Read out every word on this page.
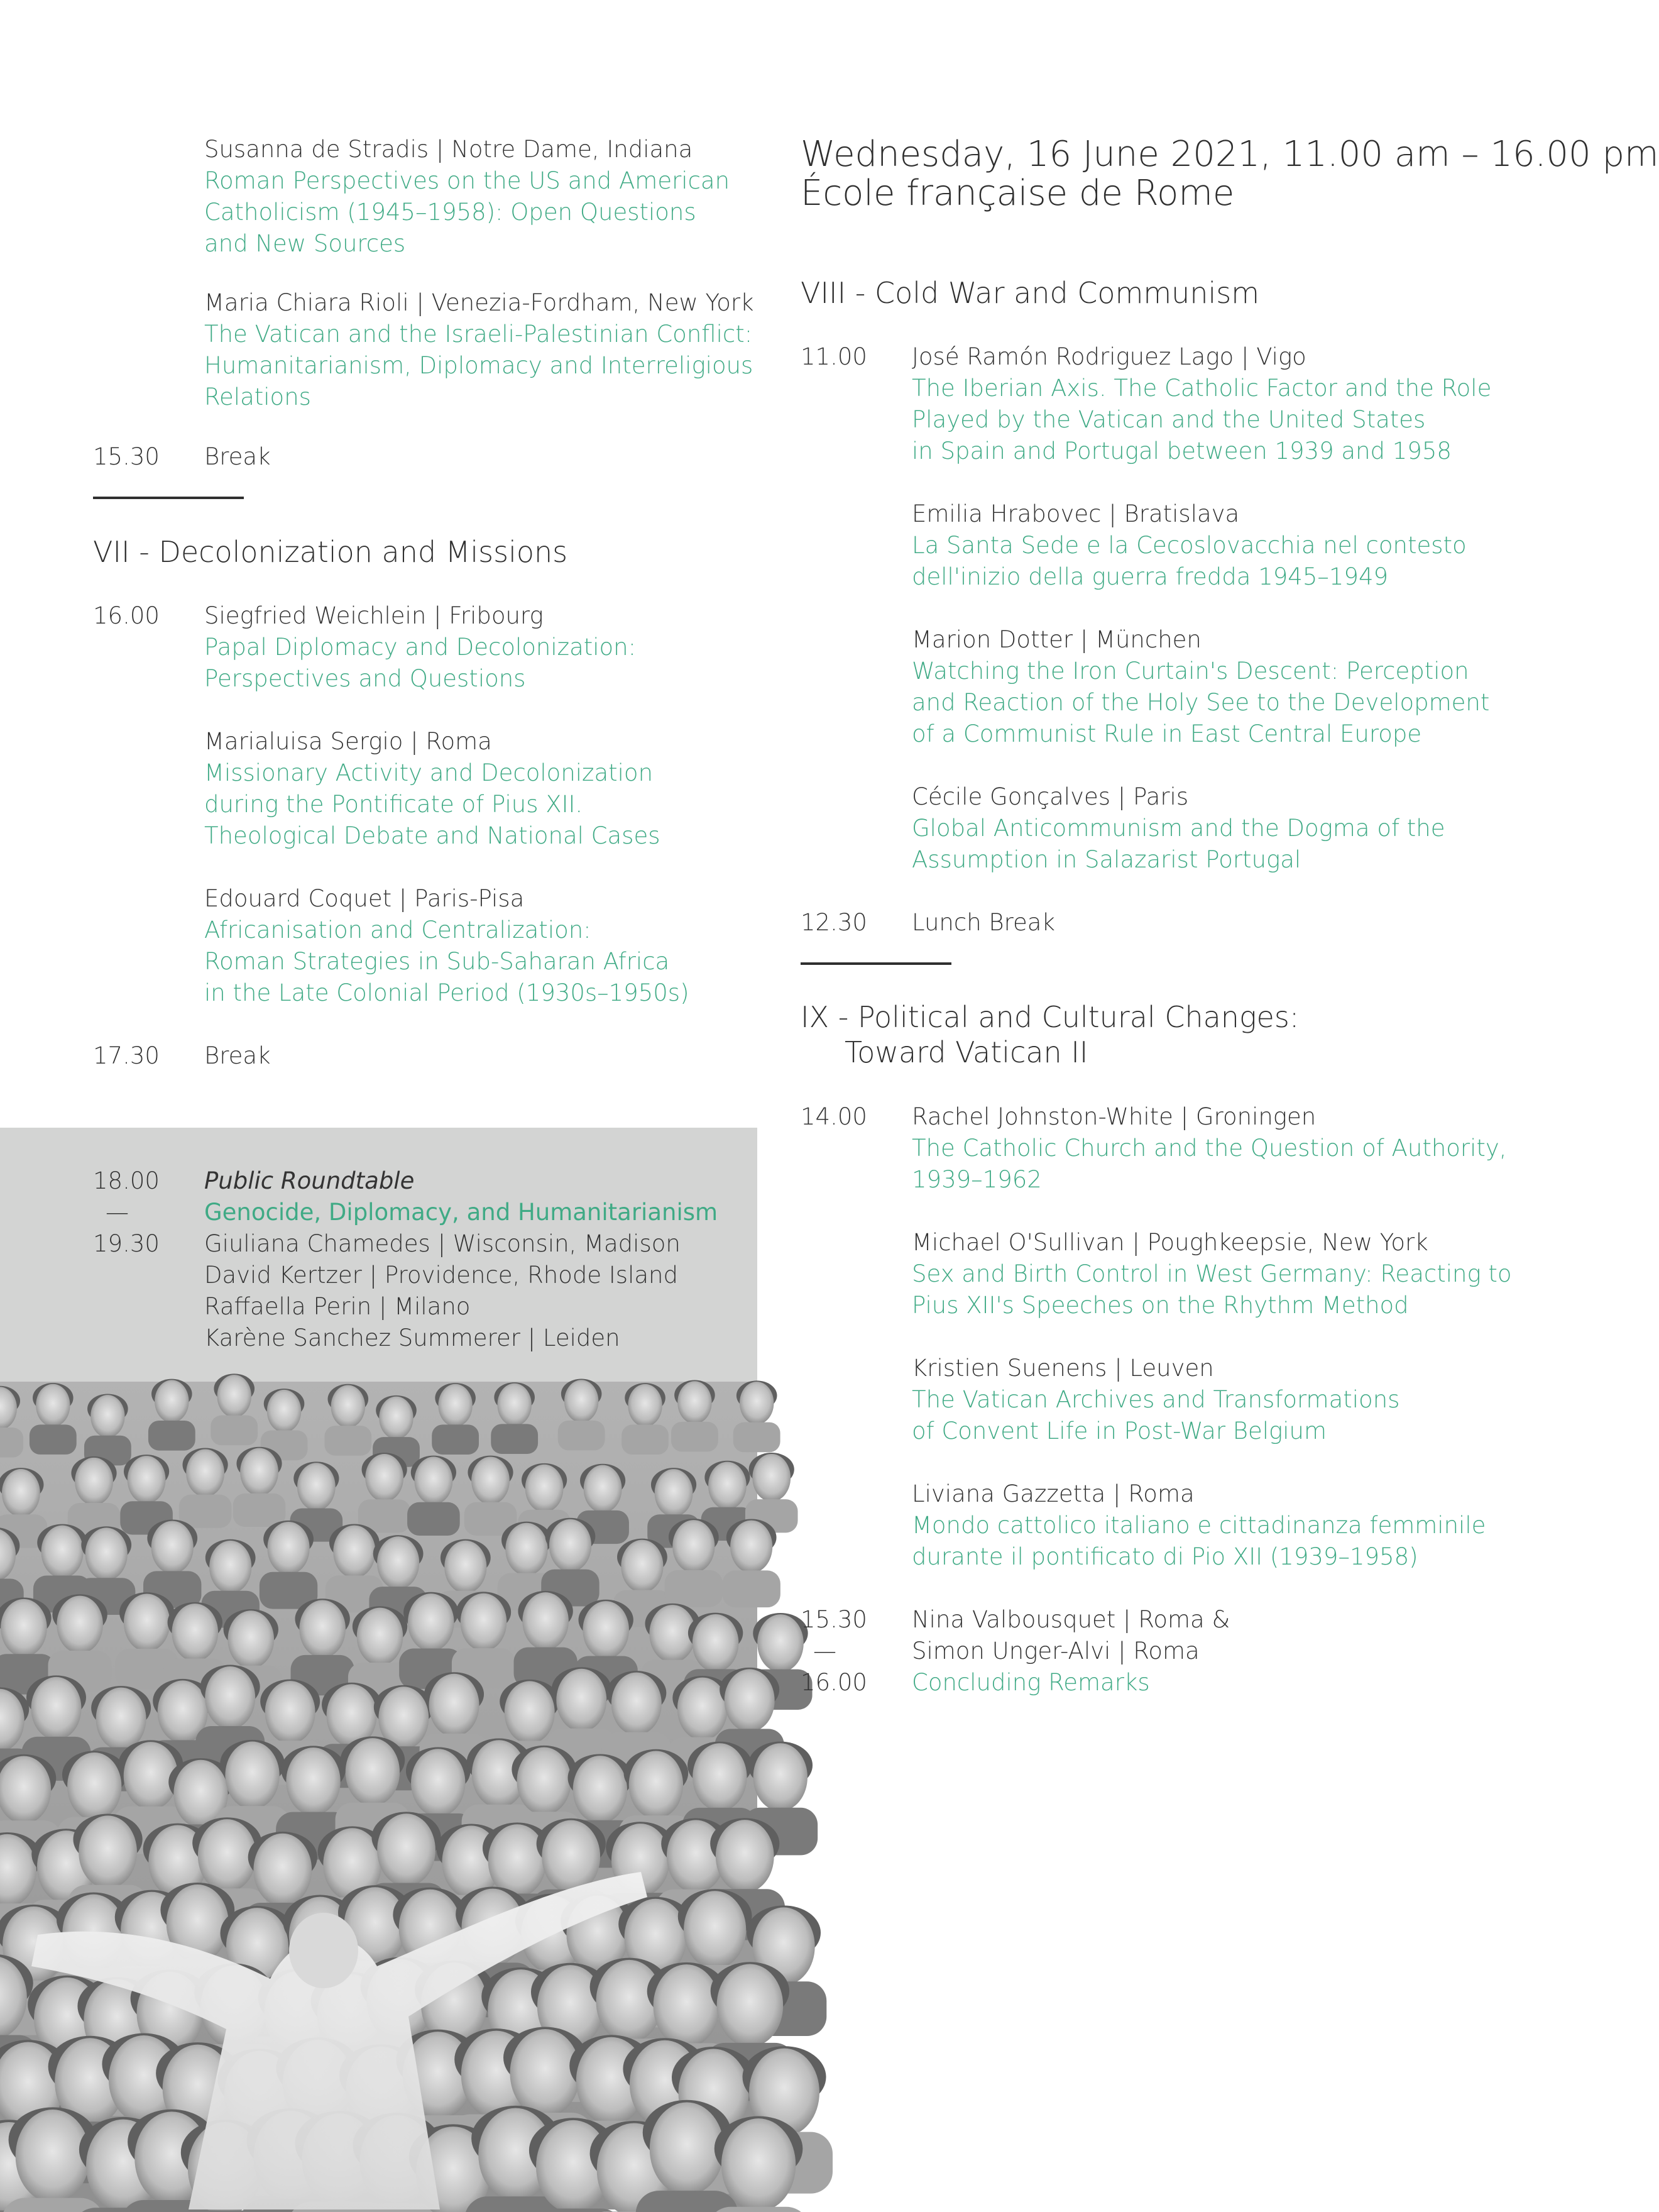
Susanna de Stradis | Notre Dame, Indiana
Roman Perspectives on the US and American
Catholicism (1945–1958): Open Questions
and New Sources
Maria Chiara Rioli | Venezia-Fordham, New York
The Vatican and the Israeli-Palestinian Conflict:
Humanitarianism, Diplomacy and Interreligious
Relations
15.30 Break
VII - Decolonization and Missions
16.00 Siegfried Weichlein | Fribourg
Papal Diplomacy and Decolonization:
Perspectives and Questions
Marialuisa Sergio | Roma
Missionary Activity and Decolonization
during the Pontificate of Pius XII.
Theological Debate and National Cases
Edouard Coquet | Paris-Pisa
Africanisation and Centralization:
Roman Strategies in Sub-Saharan Africa
in the Late Colonial Period (1930s–1950s)
17.30 Break
18.00
—
19.30
Public Roundtable
Genocide, Diplomacy, and Humanitarianism
Giuliana Chamedes | Wisconsin, Madison
David Kertzer | Providence, Rhode Island
Raffaella Perin | Milano
Karène Sanchez Summerer | Leiden
Wednesday, 16 June 2021, 11.00 am – 16.00 pm
École française de Rome
VIII - Cold War and Communism
11.00 José Ramón Rodriguez Lago | Vigo
The Iberian Axis. The Catholic Factor and the Role
Played by the Vatican and the United States
in Spain and Portugal between 1939 and 1958
Emilia Hrabovec | Bratislava
La Santa Sede e la Cecoslovacchia nel contesto
dell'inizio della guerra fredda 1945–1949
Marion Dotter | München
Watching the Iron Curtain's Descent: Perception
and Reaction of the Holy See to the Development
of a Communist Rule in East Central Europe
Cécile Gonçalves | Paris
Global Anticommunism and the Dogma of the
Assumption in Salazarist Portugal
12.30 Lunch Break
IX - Political and Cultural Changes:
Toward Vatican II
14.00 Rachel Johnston-White | Groningen
The Catholic Church and the Question of Authority,
1939–1962
Michael O'Sullivan | Poughkeepsie, New York
Sex and Birth Control in West Germany: Reacting to
Pius XII's Speeches on the Rhythm Method
Kristien Suenens | Leuven
The Vatican Archives and Transformations
of Convent Life in Post-War Belgium
Liviana Gazzetta | Roma
Mondo cattolico italiano e cittadinanza femminile
durante il pontificato di Pio XII (1939–1958)
15.30
—
16.00
Nina Valbousquet | Roma &
Simon Unger-Alvi | Roma
Concluding Remarks
